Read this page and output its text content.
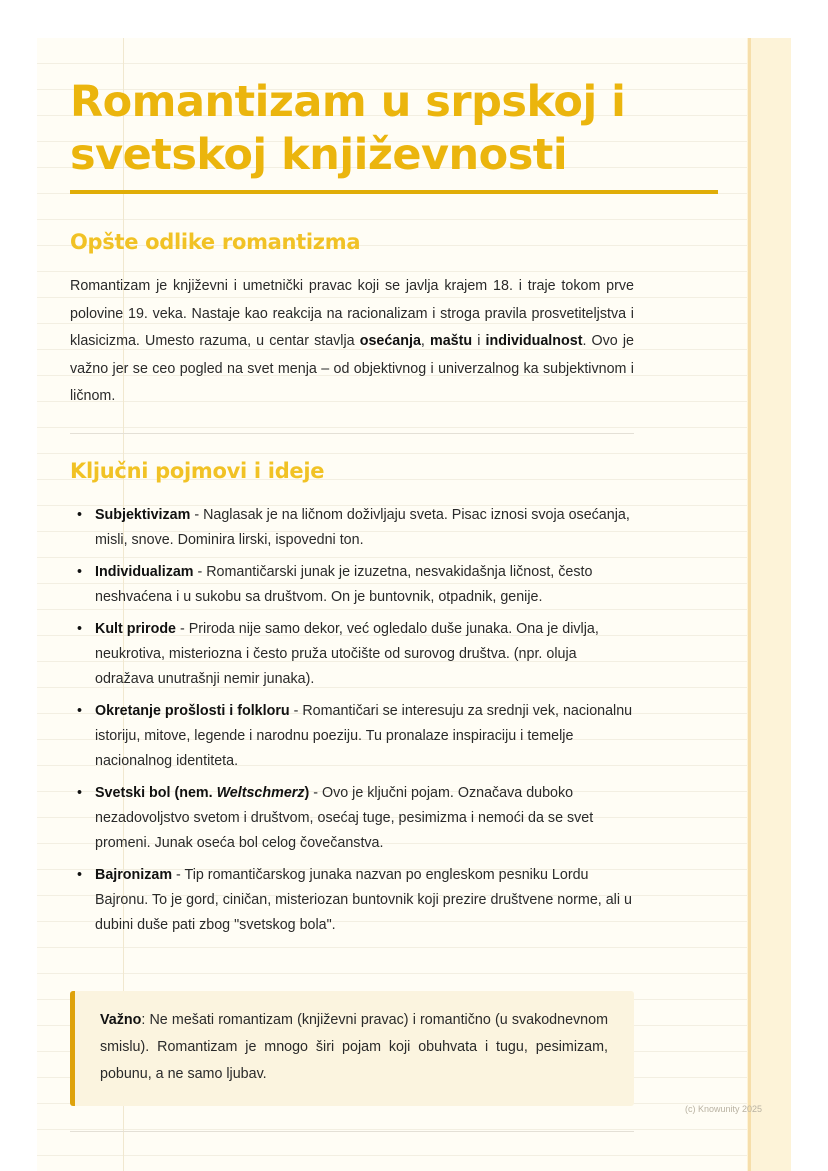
Romantizam u srpskoj i svetskoj književnosti
Opšte odlike romantizma

Romantizam je književni i umetnički pravac koji se javlja krajem 18. i traje tokom prve polovine 19. veka. Nastaje kao reakcija na racionalizam i stroga pravila prosvetiteljstva i klasicizma. Umesto razuma, u centar stavlja osećanja, maštu i individualnost. Ovo je važno jer se ceo pogled na svet menja – od objektivnog i univerzalnog ka subjektivnom i ličnom.

Ključni pojmovi i ideje
• Subjektivizam - Naglasak je na ličnom doživljaju sveta. Pisac iznosi svoja osećanja, misli, snove. Dominira lirski, ispovedni ton.
• Individualizam - Romantičarski junak je izuzetna, nesvakidašnja ličnost, često neshvaćena i u sukobu sa društvom. On je buntovnik, otpadnik, genije.
• Kult prirode - Priroda nije samo dekor, već ogledalo duše junaka. Ona je divlja, neukrotiva, misteriozna i često pruža utočište od surovog društva. (npr. oluja odražava unutrašnji nemir junaka).
• Okretanje prošlosti i folkloru - Romantičari se interesuju za srednji vek, nacionalnu istoriju, mitove, legende i narodnu poeziju. Tu pronalaze inspiraciju i temelje nacionalnog identiteta.
• Svetski bol (nem. Weltschmerz) - Ovo je ključni pojam. Označava duboko nezadovoljstvo svetom i društvom, osećaj tuge, pesimizma i nemoći da se svet promeni. Junak oseća bol celog čovečanstva.
• Bajronizam - Tip romantičarskog junaka nazvan po engleskom pesniku Lordu Bajronu. To je gord, ciničan, misteriozan buntovnik koji prezire društvene norme, ali u dubini duše pati zbog "svetskog bola".

Važno: Ne mešati romantizam (književni pravac) i romantično (u svakodnevnom smislu). Romantizam je mnogo širi pojam koji obuhvata i tugu, pesimizam, pobunu, a ne samo ljubav.

(c) Knowunity 2025
